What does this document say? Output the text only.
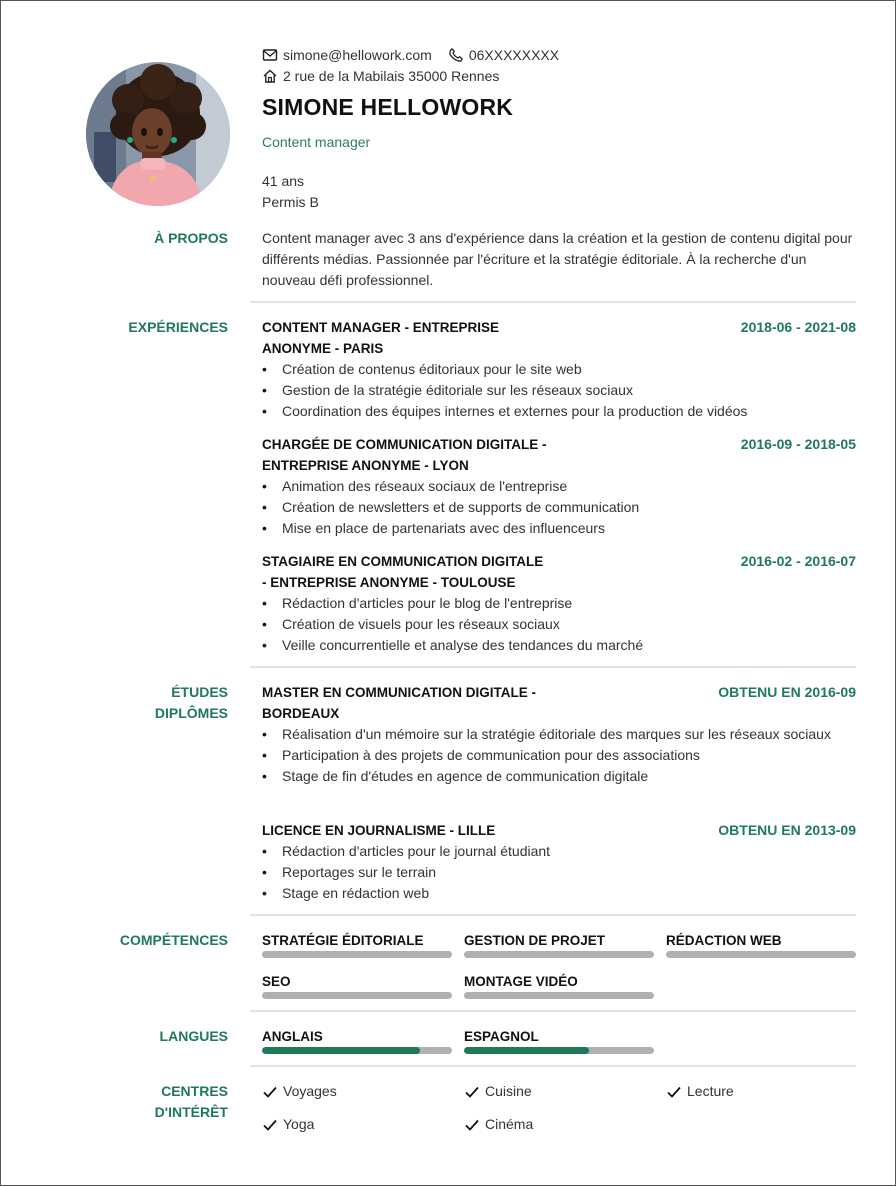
simone@hellowork.com	06XXXXXXXX
2 rue de la Mabilais 35000 Rennes
SIMONE HELLOWORK
Content manager
41 ans
Permis B
À PROPOS Content manager avec 3 ans d'expérience dans la création et la gestion de contenu digital pour différents médias. Passionnée par l'écriture et la stratégie éditoriale. À la recherche d'un nouveau défi professionnel.
EXPÉRIENCES	CONTENT MANAGER - ENTREPRISE
ANONYME - PARIS
2018-06 - 2021-08
• Création de contenus éditoriaux pour le site web
• Gestion de la stratégie éditoriale sur les réseaux sociaux
• Coordination des équipes internes et externes pour la production de vidéos
CHARGÉE DE COMMUNICATION DIGITALE -
ENTREPRISE ANONYME - LYON
2016-09 - 2018-05
• Animation des réseaux sociaux de l'entreprise
• Création de newsletters et de supports de communication
• Mise en place de partenariats avec des influenceurs
STAGIAIRE EN COMMUNICATION DIGITALE
- ENTREPRISE ANONYME - TOULOUSE
2016-02 - 2016-07
• Rédaction d'articles pour le blog de l'entreprise
• Création de visuels pour les réseaux sociaux
• Veille concurrentielle et analyse des tendances du marché
ÉTUDES
DIPLÔMES
MASTER EN COMMUNICATION DIGITALE -
BORDEAUX
OBTENU EN 2016-09
• Réalisation d'un mémoire sur la stratégie éditoriale des marques sur les réseaux sociaux
• Participation à des projets de communication pour des associations
• Stage de fin d'études en agence de communication digitale
LICENCE EN JOURNALISME - LILLE	OBTENU EN 2013-09
• Rédaction d'articles pour le journal étudiant
• Reportages sur le terrain
• Stage en rédaction web
COMPÉTENCES	STRATÉGIE ÉDITORIALE	GESTION DE PROJET	RÉDACTION WEB
SEO	MONTAGE VIDÉO
LANGUES	ANGLAIS	ESPAGNOL
CENTRES
D'INTÉRÊT
Voyages	Cuisine	Lecture
Yoga	Cinéma
